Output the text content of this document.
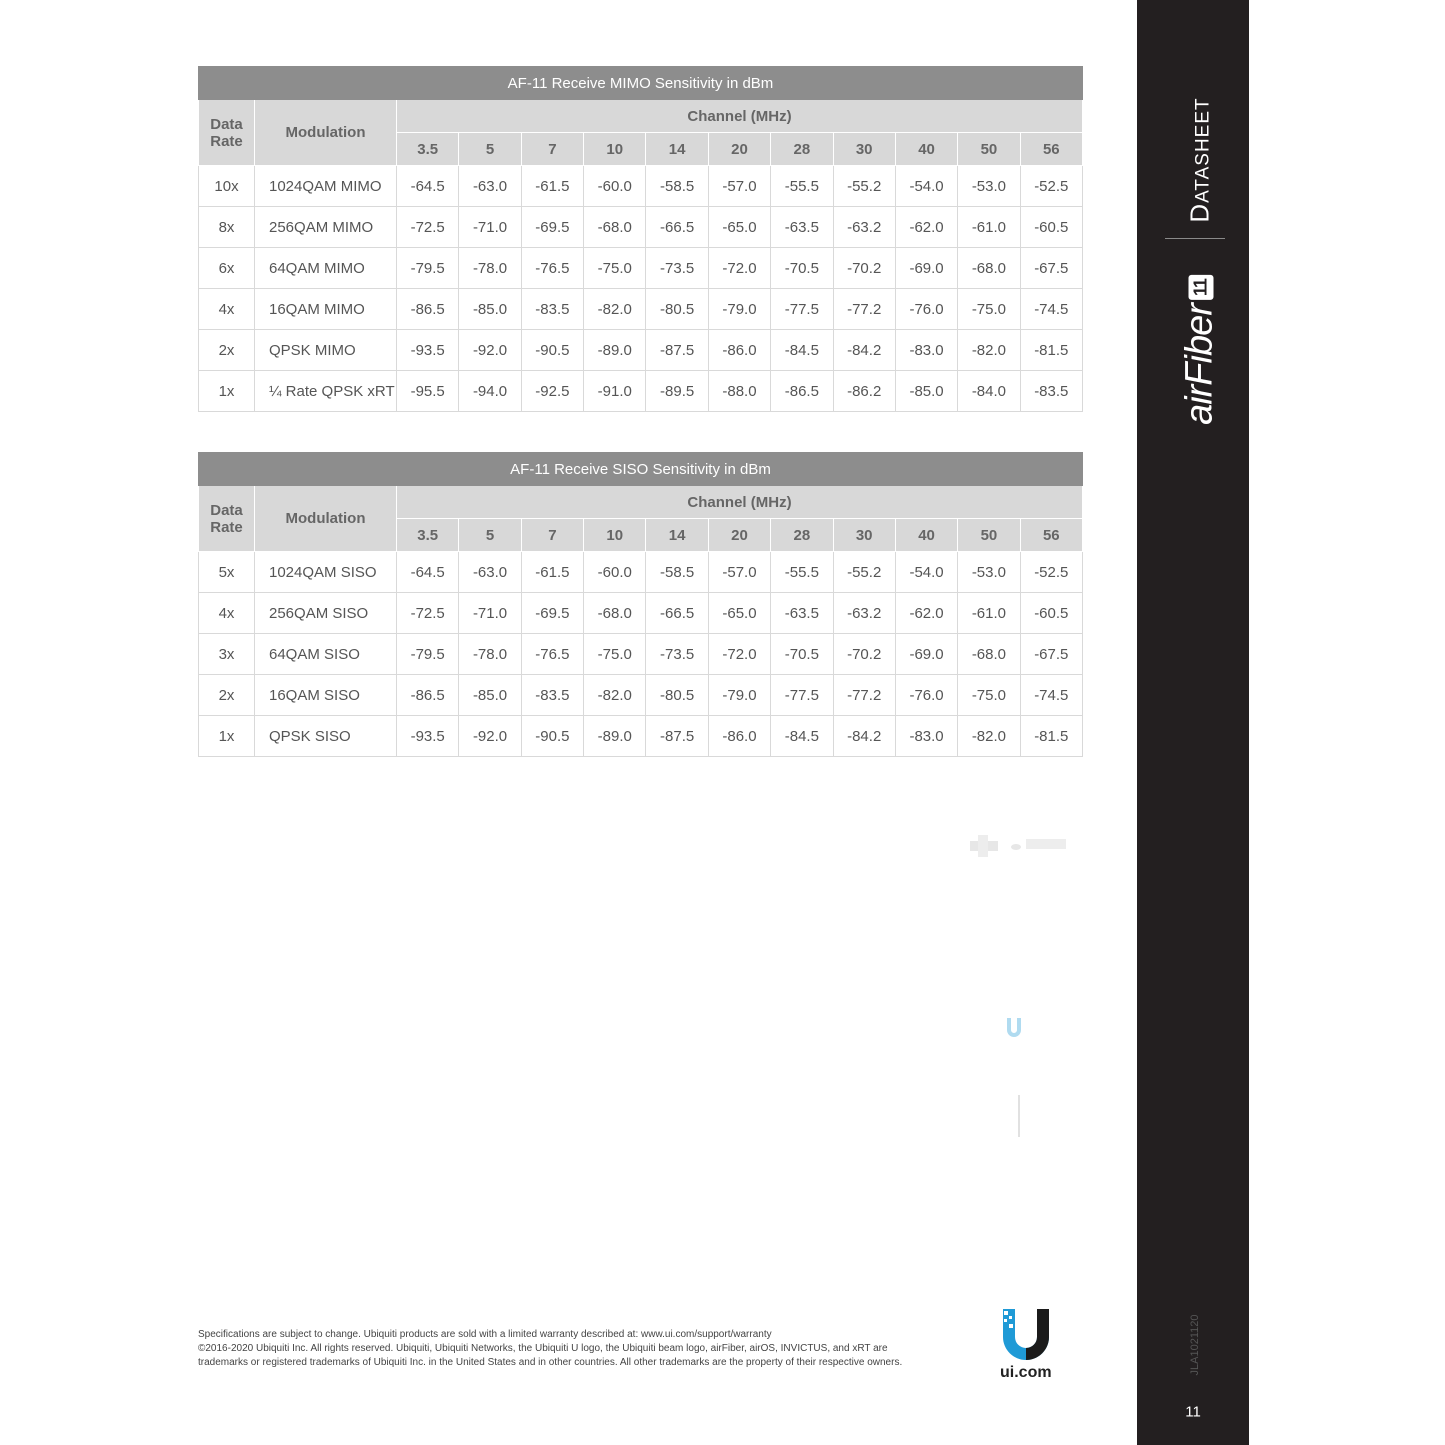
AF-11 Receive MIMO Sensitivity in dBm												
Data Rate	Modulation	Channel (MHz)										
		3.5	5	7	10	14	20	28	30	40	50	56
10x	1024QAM MIMO	-64.5	-63.0	-61.5	-60.0	-58.5	-57.0	-55.5	-55.2	-54.0	-53.0	-52.5
8x	256QAM MIMO	-72.5	-71.0	-69.5	-68.0	-66.5	-65.0	-63.5	-63.2	-62.0	-61.0	-60.5
6x	64QAM MIMO	-79.5	-78.0	-76.5	-75.0	-73.5	-72.0	-70.5	-70.2	-69.0	-68.0	-67.5
4x	16QAM MIMO	-86.5	-85.0	-83.5	-82.0	-80.5	-79.0	-77.5	-77.2	-76.0	-75.0	-74.5
2x	QPSK MIMO	-93.5	-92.0	-90.5	-89.0	-87.5	-86.0	-84.5	-84.2	-83.0	-82.0	-81.5
1x	¼ Rate QPSK xRT	-95.5	-94.0	-92.5	-91.0	-89.5	-88.0	-86.5	-86.2	-85.0	-84.0	-83.5
AF-11 Receive SISO Sensitivity in dBm												
Data Rate	Modulation	Channel (MHz)										
		3.5	5	7	10	14	20	28	30	40	50	56
5x	1024QAM SISO	-64.5	-63.0	-61.5	-60.0	-58.5	-57.0	-55.5	-55.2	-54.0	-53.0	-52.5
4x	256QAM SISO	-72.5	-71.0	-69.5	-68.0	-66.5	-65.0	-63.5	-63.2	-62.0	-61.0	-60.5
3x	64QAM SISO	-79.5	-78.0	-76.5	-75.0	-73.5	-72.0	-70.5	-70.2	-69.0	-68.0	-67.5
2x	16QAM SISO	-86.5	-85.0	-83.5	-82.0	-80.5	-79.0	-77.5	-77.2	-76.0	-75.0	-74.5
1x	QPSK SISO	-93.5	-92.0	-90.5	-89.0	-87.5	-86.0	-84.5	-84.2	-83.0	-82.0	-81.5
DATASHEET
airFiber11
JLA1021120
11

Specifications are subject to change. Ubiquiti products are sold with a limited warranty described at: www.ui.com/support/warranty

©2016-2020 Ubiquiti Inc. All rights reserved. Ubiquiti, Ubiquiti Networks, the Ubiquiti U logo, the Ubiquiti beam logo, airFiber, airOS, INVICTUS, and xRT are trademarks or registered trademarks of Ubiquiti Inc. in the United States and in other countries. All other trademarks are the property of their respective owners.

ui.com
